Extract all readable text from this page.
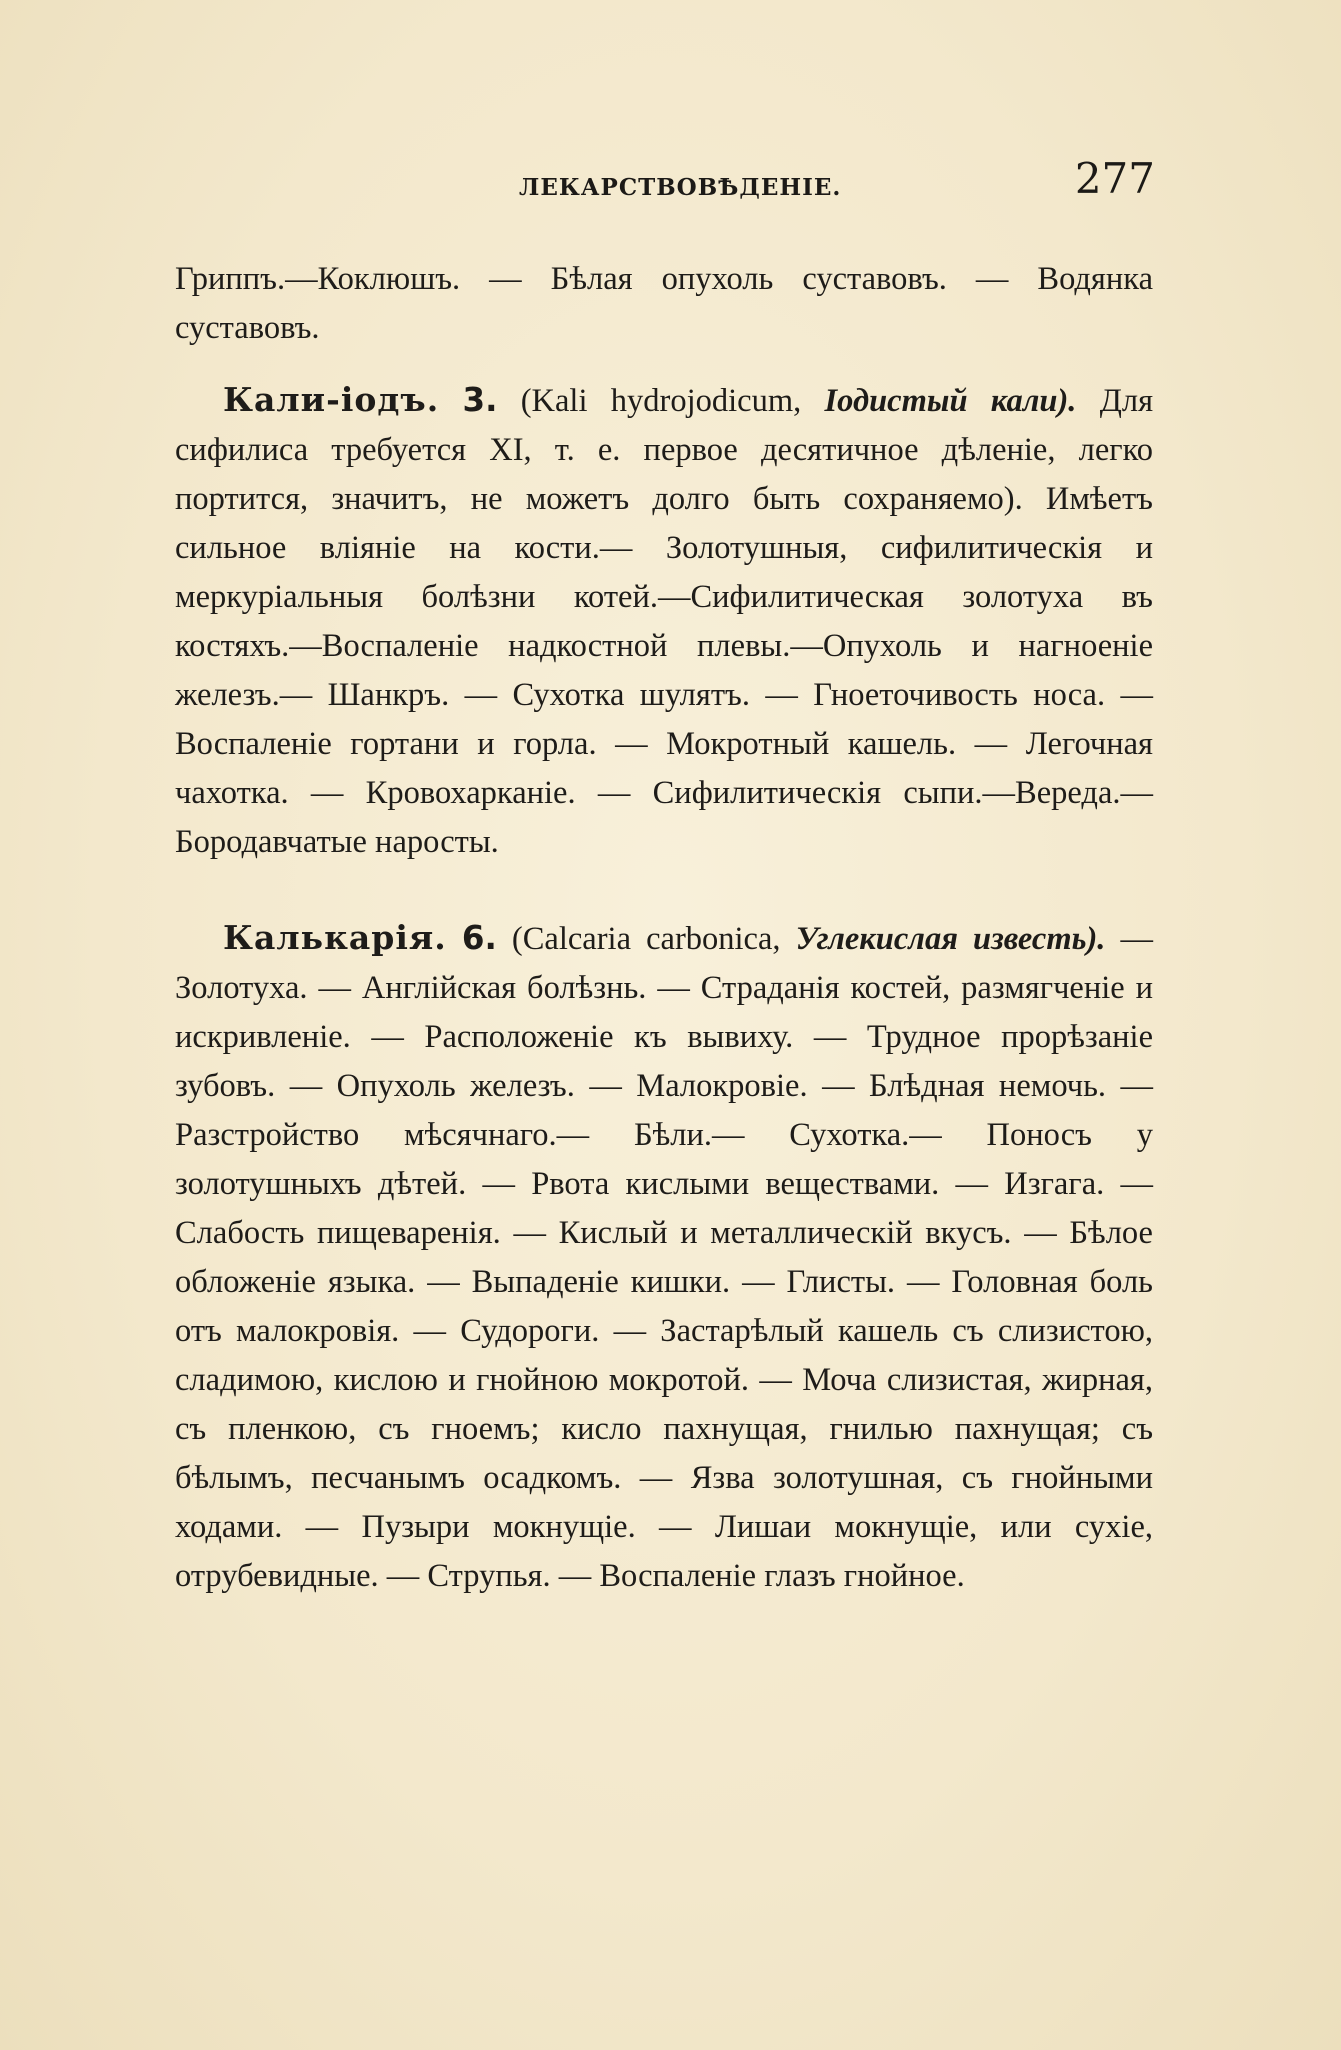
ЛЕКАРСТВОВѢДЕНІЕ.	277

Гриппъ.—Коклюшъ. — Бѣлая опухоль суставовъ. — Водянка суставовъ.

Кали-іодъ. 3. (Kali hydrojodicum, Іодистый кали). Для сифилиса требуется XI, т. е. первое десятичное дѣленіе, легко портится, значитъ, не можетъ долго быть сохраняемо). Имѣетъ сильное вліяніе на кости.— Золотушныя, сифилитическія и меркуріальныя болѣзни котей.—Сифилитическая золотуха въ костяхъ.—Воспаленіе надкостной плевы.—Опухоль и нагноеніе железъ.— Шанкръ. — Сухотка шулятъ. — Гноеточивость носа. — Воспаленіе гортани и горла. — Мокротный кашель. — Легочная чахотка. — Кровохарканіе. — Сифилитическія сыпи.—Вереда.—Бородавчатые наросты.

Калькарія. 6. (Calcaria carbonica, Углекислая известь). — Золотуха. — Англійская болѣзнь. — Страданія костей, размягченіе и искривленіе. — Расположеніе къ вывиху. — Трудное прорѣзаніе зубовъ. — Опухоль железъ. — Малокровіе. — Блѣдная немочь. — Разстройство мѣсячнаго.— Бѣли.— Сухотка.— Поносъ у золотушныхъ дѣтей. — Рвота кислыми веществами. — Изгага. — Слабость пищеваренія. — Кислый и металлическій вкусъ. — Бѣлое обложеніе языка. — Выпаденіе кишки. — Глисты. — Головная боль отъ малокровія. — Судороги. — Застарѣлый кашель съ слизистою, сладимою, кислою и гнойною мокротой. — Моча слизистая, жирная, съ пленкою, съ гноемъ; кисло пахнущая, гнилью пахнущая; съ бѣлымъ, песчанымъ осадкомъ. — Язва золотушная, съ гнойными ходами. — Пузыри мокнущіе. — Лишаи мокнущіе, или сухіе, отрубевидные. — Струпья. — Воспаленіе глазъ гнойное.
